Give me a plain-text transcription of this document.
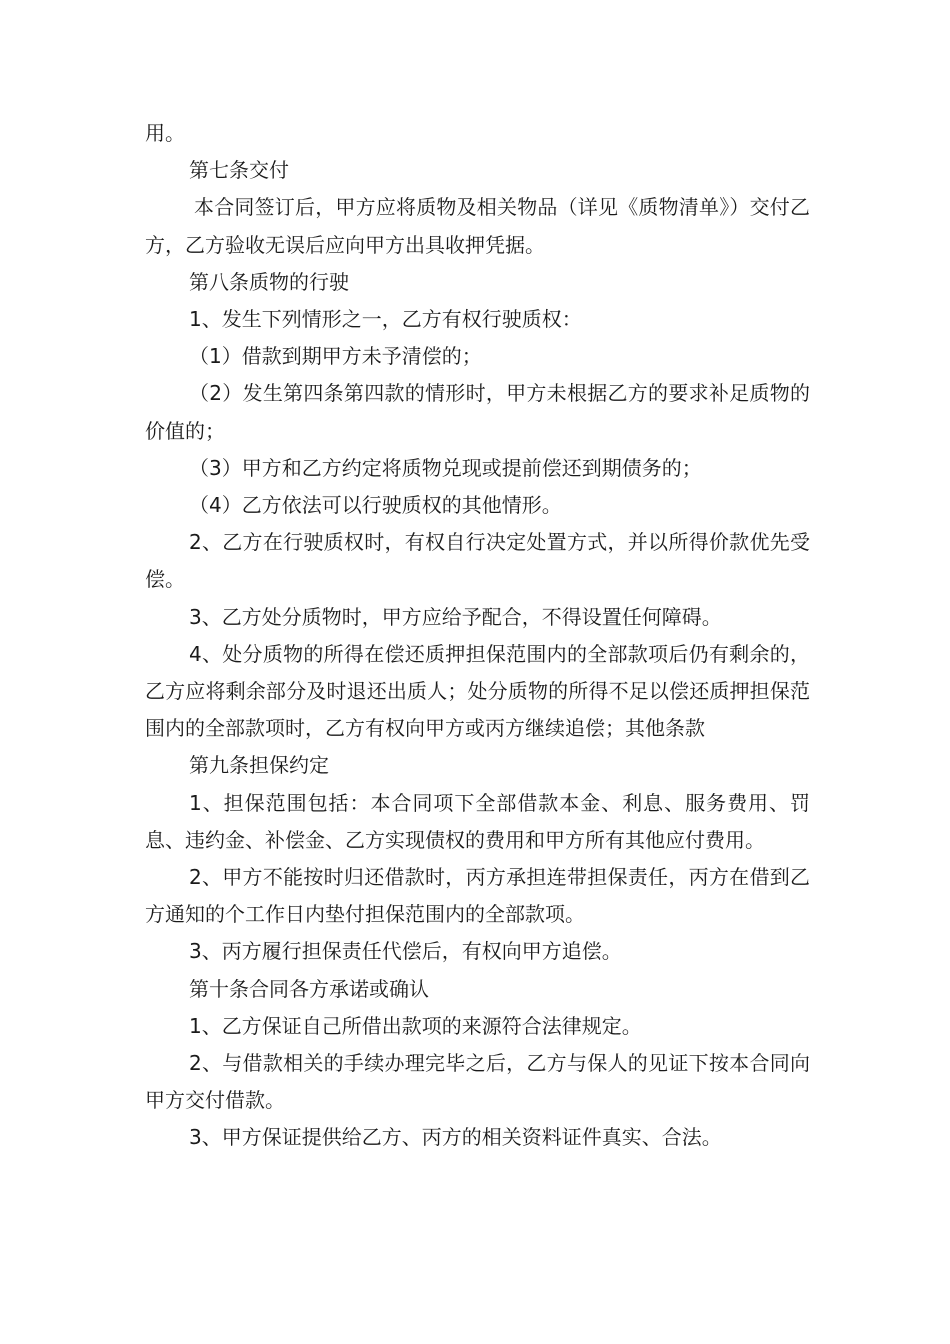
用。

第七条交付

本合同签订后，甲方应将质物及相关物品（详见《质物清单》）交付乙方，乙方验收无误后应向甲方出具收押凭据。

第八条质物的行驶

1、发生下列情形之一，乙方有权行驶质权：

（1）借款到期甲方未予清偿的；

（2）发生第四条第四款的情形时，甲方未根据乙方的要求补足质物的价值的；

（3）甲方和乙方约定将质物兑现或提前偿还到期债务的；

（4）乙方依法可以行驶质权的其他情形。

2、乙方在行驶质权时，有权自行决定处置方式，并以所得价款优先受偿。

3、乙方处分质物时，甲方应给予配合，不得设置任何障碍。

4、处分质物的所得在偿还质押担保范围内的全部款项后仍有剩余的，乙方应将剩余部分及时退还出质人；处分质物的所得不足以偿还质押担保范围内的全部款项时，乙方有权向甲方或丙方继续追偿；其他条款

第九条担保约定

1、担保范围包括：本合同项下全部借款本金、利息、服务费用、罚息、违约金、补偿金、乙方实现债权的费用和甲方所有其他应付费用。

2、甲方不能按时归还借款时，丙方承担连带担保责任，丙方在借到乙方通知的个工作日内垫付担保范围内的全部款项。

3、丙方履行担保责任代偿后，有权向甲方追偿。

第十条合同各方承诺或确认

1、乙方保证自己所借出款项的来源符合法律规定。

2、与借款相关的手续办理完毕之后，乙方与保人的见证下按本合同向甲方交付借款。

3、甲方保证提供给乙方、丙方的相关资料证件真实、合法。
